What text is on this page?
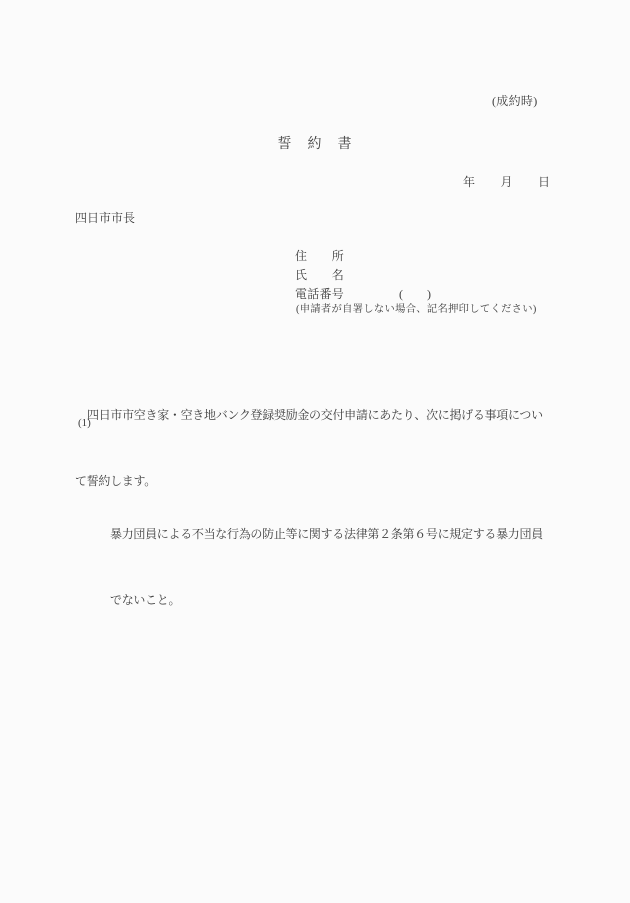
(成約時)
誓　約　書
年　　月　　日
四日市市長
住　　所
氏　　名
電話番号	(　　)
(申請者が自署しない場合、記名押印してください)

四日市市空き家・空き地バンク登録奨励金の交付申請にあたり、次に掲げる事項につい

て誓約します。

(1)

暴力団員による不当な行為の防止等に関する法律第２条第６号に規定する暴力団員

でないこと。
